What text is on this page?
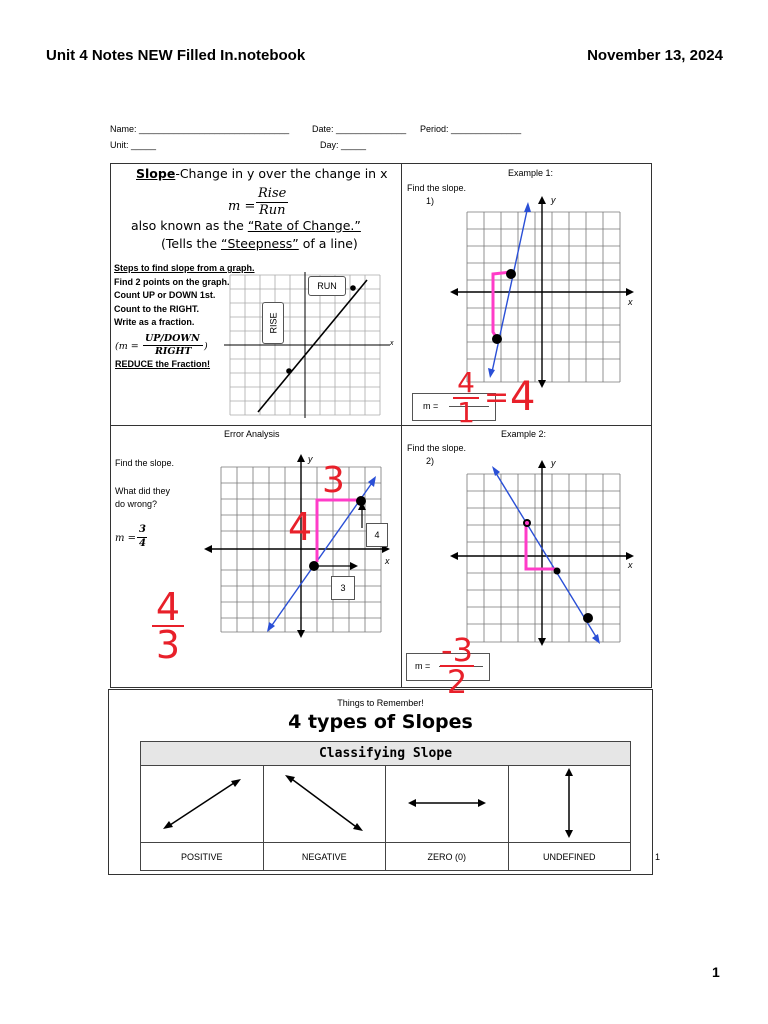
Unit 4 Notes NEW Filled In.notebook	November 13, 2024
Name: ______________________________	Date: ______________ Period: ______________
Unit: _____	Day: _____
Slope-Change in y over the change in x
m =
Rise
Run
also known as the “Rate of Change.”
(Tells the “Steepness” of a line)
Steps to find slope from a graph.
Find 2 points on the graph.
Count UP or DOWN 1st.
Count to the RIGHT.
Write as a fraction.
(m =
UP/DOWN
RIGHT )
REDUCE the Fraction!
x
RISE
RUN
Example 1:
Find the slope.
1)	y
x
m =
4
1 = 4
Error Analysis
Find the slope.
What did they
do wrong?
m =
3
4
y
x
4
3
3
4
4
3
Example 2:
Find the slope.
2)	y
x
m = -3
2
Things to Remember!
4 types of Slopes
Classifying Slope			

POSITIVE	NEGATIVE	ZERO (0)	UNDEFINED	1
1
